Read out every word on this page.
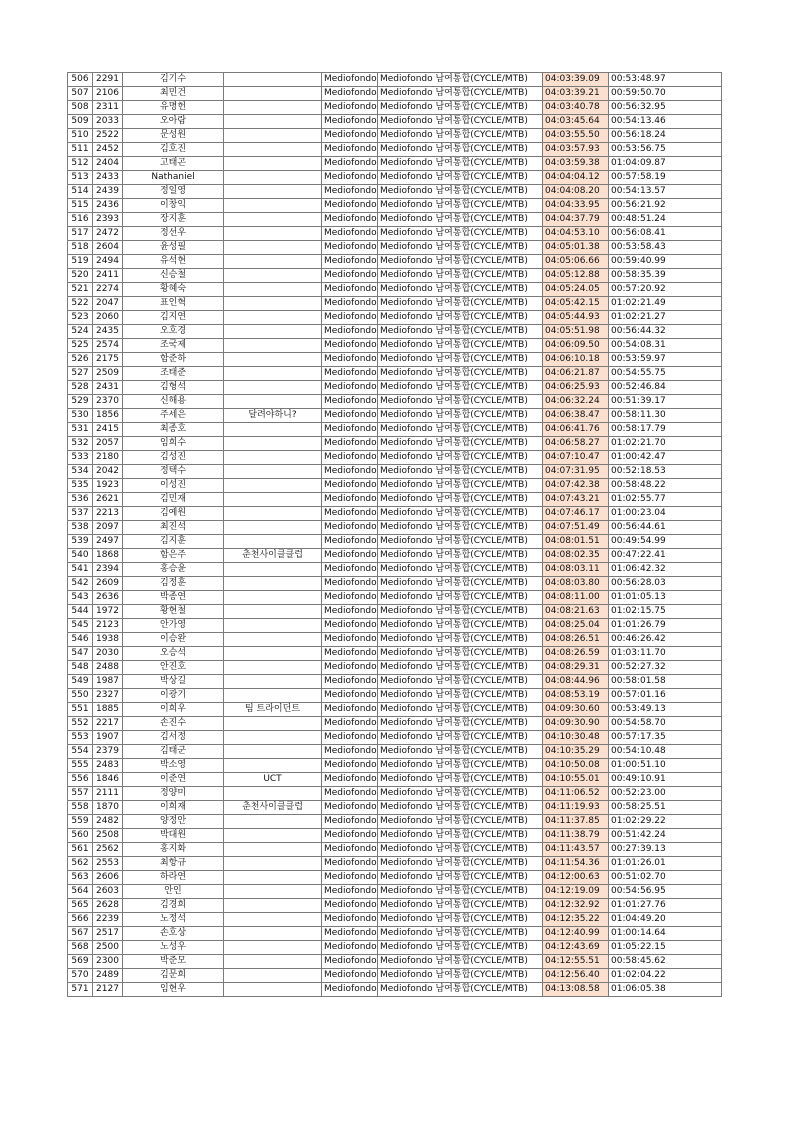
506	2291	김기수		Mediofondo	Mediofondo 남여통합(CYCLE/MTB)	04:03:39.09	00:53:48.97
507	2106	최민건		Mediofondo	Mediofondo 남여통합(CYCLE/MTB)	04:03:39.21	00:59:50.70
508	2311	유명헌		Mediofondo	Mediofondo 남여통합(CYCLE/MTB)	04:03:40.78	00:56:32.95
509	2033	오아람		Mediofondo	Mediofondo 남여통합(CYCLE/MTB)	04:03:45.64	00:54:13.46
510	2522	문성원		Mediofondo	Mediofondo 남여통합(CYCLE/MTB)	04:03:55.50	00:56:18.24
511	2452	김호진		Mediofondo	Mediofondo 남여통합(CYCLE/MTB)	04:03:57.93	00:53:56.75
512	2404	고태곤		Mediofondo	Mediofondo 남여통합(CYCLE/MTB)	04:03:59.38	01:04:09.87
513	2433	Nathaniel		Mediofondo	Mediofondo 남여통합(CYCLE/MTB)	04:04:04.12	00:57:58.19
514	2439	정일영		Mediofondo	Mediofondo 남여통합(CYCLE/MTB)	04:04:08.20	00:54:13.57
515	2436	이창익		Mediofondo	Mediofondo 남여통합(CYCLE/MTB)	04:04:33.95	00:56:21.92
516	2393	장지훈		Mediofondo	Mediofondo 남여통합(CYCLE/MTB)	04:04:37.79	00:48:51.24
517	2472	정선우		Mediofondo	Mediofondo 남여통합(CYCLE/MTB)	04:04:53.10	00:56:08.41
518	2604	윤성필		Mediofondo	Mediofondo 남여통합(CYCLE/MTB)	04:05:01.38	00:53:58.43
519	2494	유석현		Mediofondo	Mediofondo 남여통합(CYCLE/MTB)	04:05:06.66	00:59:40.99
520	2411	신승철		Mediofondo	Mediofondo 남여통합(CYCLE/MTB)	04:05:12.88	00:58:35.39
521	2274	황혜숙		Mediofondo	Mediofondo 남여통합(CYCLE/MTB)	04:05:24.05	00:57:20.92
522	2047	표인혁		Mediofondo	Mediofondo 남여통합(CYCLE/MTB)	04:05:42.15	01:02:21.49
523	2060	김지연		Mediofondo	Mediofondo 남여통합(CYCLE/MTB)	04:05:44.93	01:02:21.27
524	2435	오호경		Mediofondo	Mediofondo 남여통합(CYCLE/MTB)	04:05:51.98	00:56:44.32
525	2574	조국제		Mediofondo	Mediofondo 남여통합(CYCLE/MTB)	04:06:09.50	00:54:08.31
526	2175	함준하		Mediofondo	Mediofondo 남여통합(CYCLE/MTB)	04:06:10.18	00:53:59.97
527	2509	조태준		Mediofondo	Mediofondo 남여통합(CYCLE/MTB)	04:06:21.87	00:54:55.75
528	2431	김형석		Mediofondo	Mediofondo 남여통합(CYCLE/MTB)	04:06:25.93	00:52:46.84
529	2370	신해용		Mediofondo	Mediofondo 남여통합(CYCLE/MTB)	04:06:32.24	00:51:39.17
530	1856	주세은	달려야하니?	Mediofondo	Mediofondo 남여통합(CYCLE/MTB)	04:06:38.47	00:58:11.30
531	2415	최종호		Mediofondo	Mediofondo 남여통합(CYCLE/MTB)	04:06:41.76	00:58:17.79
532	2057	임희수		Mediofondo	Mediofondo 남여통합(CYCLE/MTB)	04:06:58.27	01:02:21.70
533	2180	김성진		Mediofondo	Mediofondo 남여통합(CYCLE/MTB)	04:07:10.47	01:00:42.47
534	2042	정택수		Mediofondo	Mediofondo 남여통합(CYCLE/MTB)	04:07:31.95	00:52:18.53
535	1923	이성진		Mediofondo	Mediofondo 남여통합(CYCLE/MTB)	04:07:42.38	00:58:48.22
536	2621	김민재		Mediofondo	Mediofondo 남여통합(CYCLE/MTB)	04:07:43.21	01:02:55.77
537	2213	김예원		Mediofondo	Mediofondo 남여통합(CYCLE/MTB)	04:07:46.17	01:00:23.04
538	2097	최진석		Mediofondo	Mediofondo 남여통합(CYCLE/MTB)	04:07:51.49	00:56:44.61
539	2497	김지훈		Mediofondo	Mediofondo 남여통합(CYCLE/MTB)	04:08:01.51	00:49:54.99
540	1868	함은주	춘천사이클클럽	Mediofondo	Mediofondo 남여통합(CYCLE/MTB)	04:08:02.35	00:47:22.41
541	2394	홍승윤		Mediofondo	Mediofondo 남여통합(CYCLE/MTB)	04:08:03.11	01:06:42.32
542	2609	김정훈		Mediofondo	Mediofondo 남여통합(CYCLE/MTB)	04:08:03.80	00:56:28.03
543	2636	박종연		Mediofondo	Mediofondo 남여통합(CYCLE/MTB)	04:08:11.00	01:01:05.13
544	1972	황현철		Mediofondo	Mediofondo 남여통합(CYCLE/MTB)	04:08:21.63	01:02:15.75
545	2123	안가영		Mediofondo	Mediofondo 남여통합(CYCLE/MTB)	04:08:25.04	01:01:26.79
546	1938	이승완		Mediofondo	Mediofondo 남여통합(CYCLE/MTB)	04:08:26.51	00:46:26.42
547	2030	오승석		Mediofondo	Mediofondo 남여통합(CYCLE/MTB)	04:08:26.59	01:03:11.70
548	2488	안진호		Mediofondo	Mediofondo 남여통합(CYCLE/MTB)	04:08:29.31	00:52:27.32
549	1987	박상길		Mediofondo	Mediofondo 남여통합(CYCLE/MTB)	04:08:44.96	00:58:01.58
550	2327	이광기		Mediofondo	Mediofondo 남여통합(CYCLE/MTB)	04:08:53.19	00:57:01.16
551	1885	이희우	팀 트라이던트	Mediofondo	Mediofondo 남여통합(CYCLE/MTB)	04:09:30.60	00:53:49.13
552	2217	손진수		Mediofondo	Mediofondo 남여통합(CYCLE/MTB)	04:09:30.90	00:54:58.70
553	1907	김서정		Mediofondo	Mediofondo 남여통합(CYCLE/MTB)	04:10:30.48	00:57:17.35
554	2379	김태군		Mediofondo	Mediofondo 남여통합(CYCLE/MTB)	04:10:35.29	00:54:10.48
555	2483	박소영		Mediofondo	Mediofondo 남여통합(CYCLE/MTB)	04:10:50.08	01:00:51.10
556	1846	이준연	UCT	Mediofondo	Mediofondo 남여통합(CYCLE/MTB)	04:10:55.01	00:49:10.91
557	2111	정양미		Mediofondo	Mediofondo 남여통합(CYCLE/MTB)	04:11:06.52	00:52:23.00
558	1870	이희재	춘천사이클클럽	Mediofondo	Mediofondo 남여통합(CYCLE/MTB)	04:11:19.93	00:58:25.51
559	2482	양정안		Mediofondo	Mediofondo 남여통합(CYCLE/MTB)	04:11:37.85	01:02:29.22
560	2508	박대원		Mediofondo	Mediofondo 남여통합(CYCLE/MTB)	04:11:38.79	00:51:42.24
561	2562	홍지화		Mediofondo	Mediofondo 남여통합(CYCLE/MTB)	04:11:43.57	00:27:39.13
562	2553	최항규		Mediofondo	Mediofondo 남여통합(CYCLE/MTB)	04:11:54.36	01:01:26.01
563	2606	하라연		Mediofondo	Mediofondo 남여통합(CYCLE/MTB)	04:12:00.63	00:51:02.70
564	2603	안인		Mediofondo	Mediofondo 남여통합(CYCLE/MTB)	04:12:19.09	00:54:56.95
565	2628	김경희		Mediofondo	Mediofondo 남여통합(CYCLE/MTB)	04:12:32.92	01:01:27.76
566	2239	노정석		Mediofondo	Mediofondo 남여통합(CYCLE/MTB)	04:12:35.22	01:04:49.20
567	2517	손호상		Mediofondo	Mediofondo 남여통합(CYCLE/MTB)	04:12:40.99	01:00:14.64
568	2500	노성우		Mediofondo	Mediofondo 남여통합(CYCLE/MTB)	04:12:43.69	01:05:22.15
569	2300	박준모		Mediofondo	Mediofondo 남여통합(CYCLE/MTB)	04:12:55.51	00:58:45.62
570	2489	김문희		Mediofondo	Mediofondo 남여통합(CYCLE/MTB)	04:12:56.40	01:02:04.22
571	2127	임현우		Mediofondo	Mediofondo 남여통합(CYCLE/MTB)	04:13:08.58	01:06:05.38
